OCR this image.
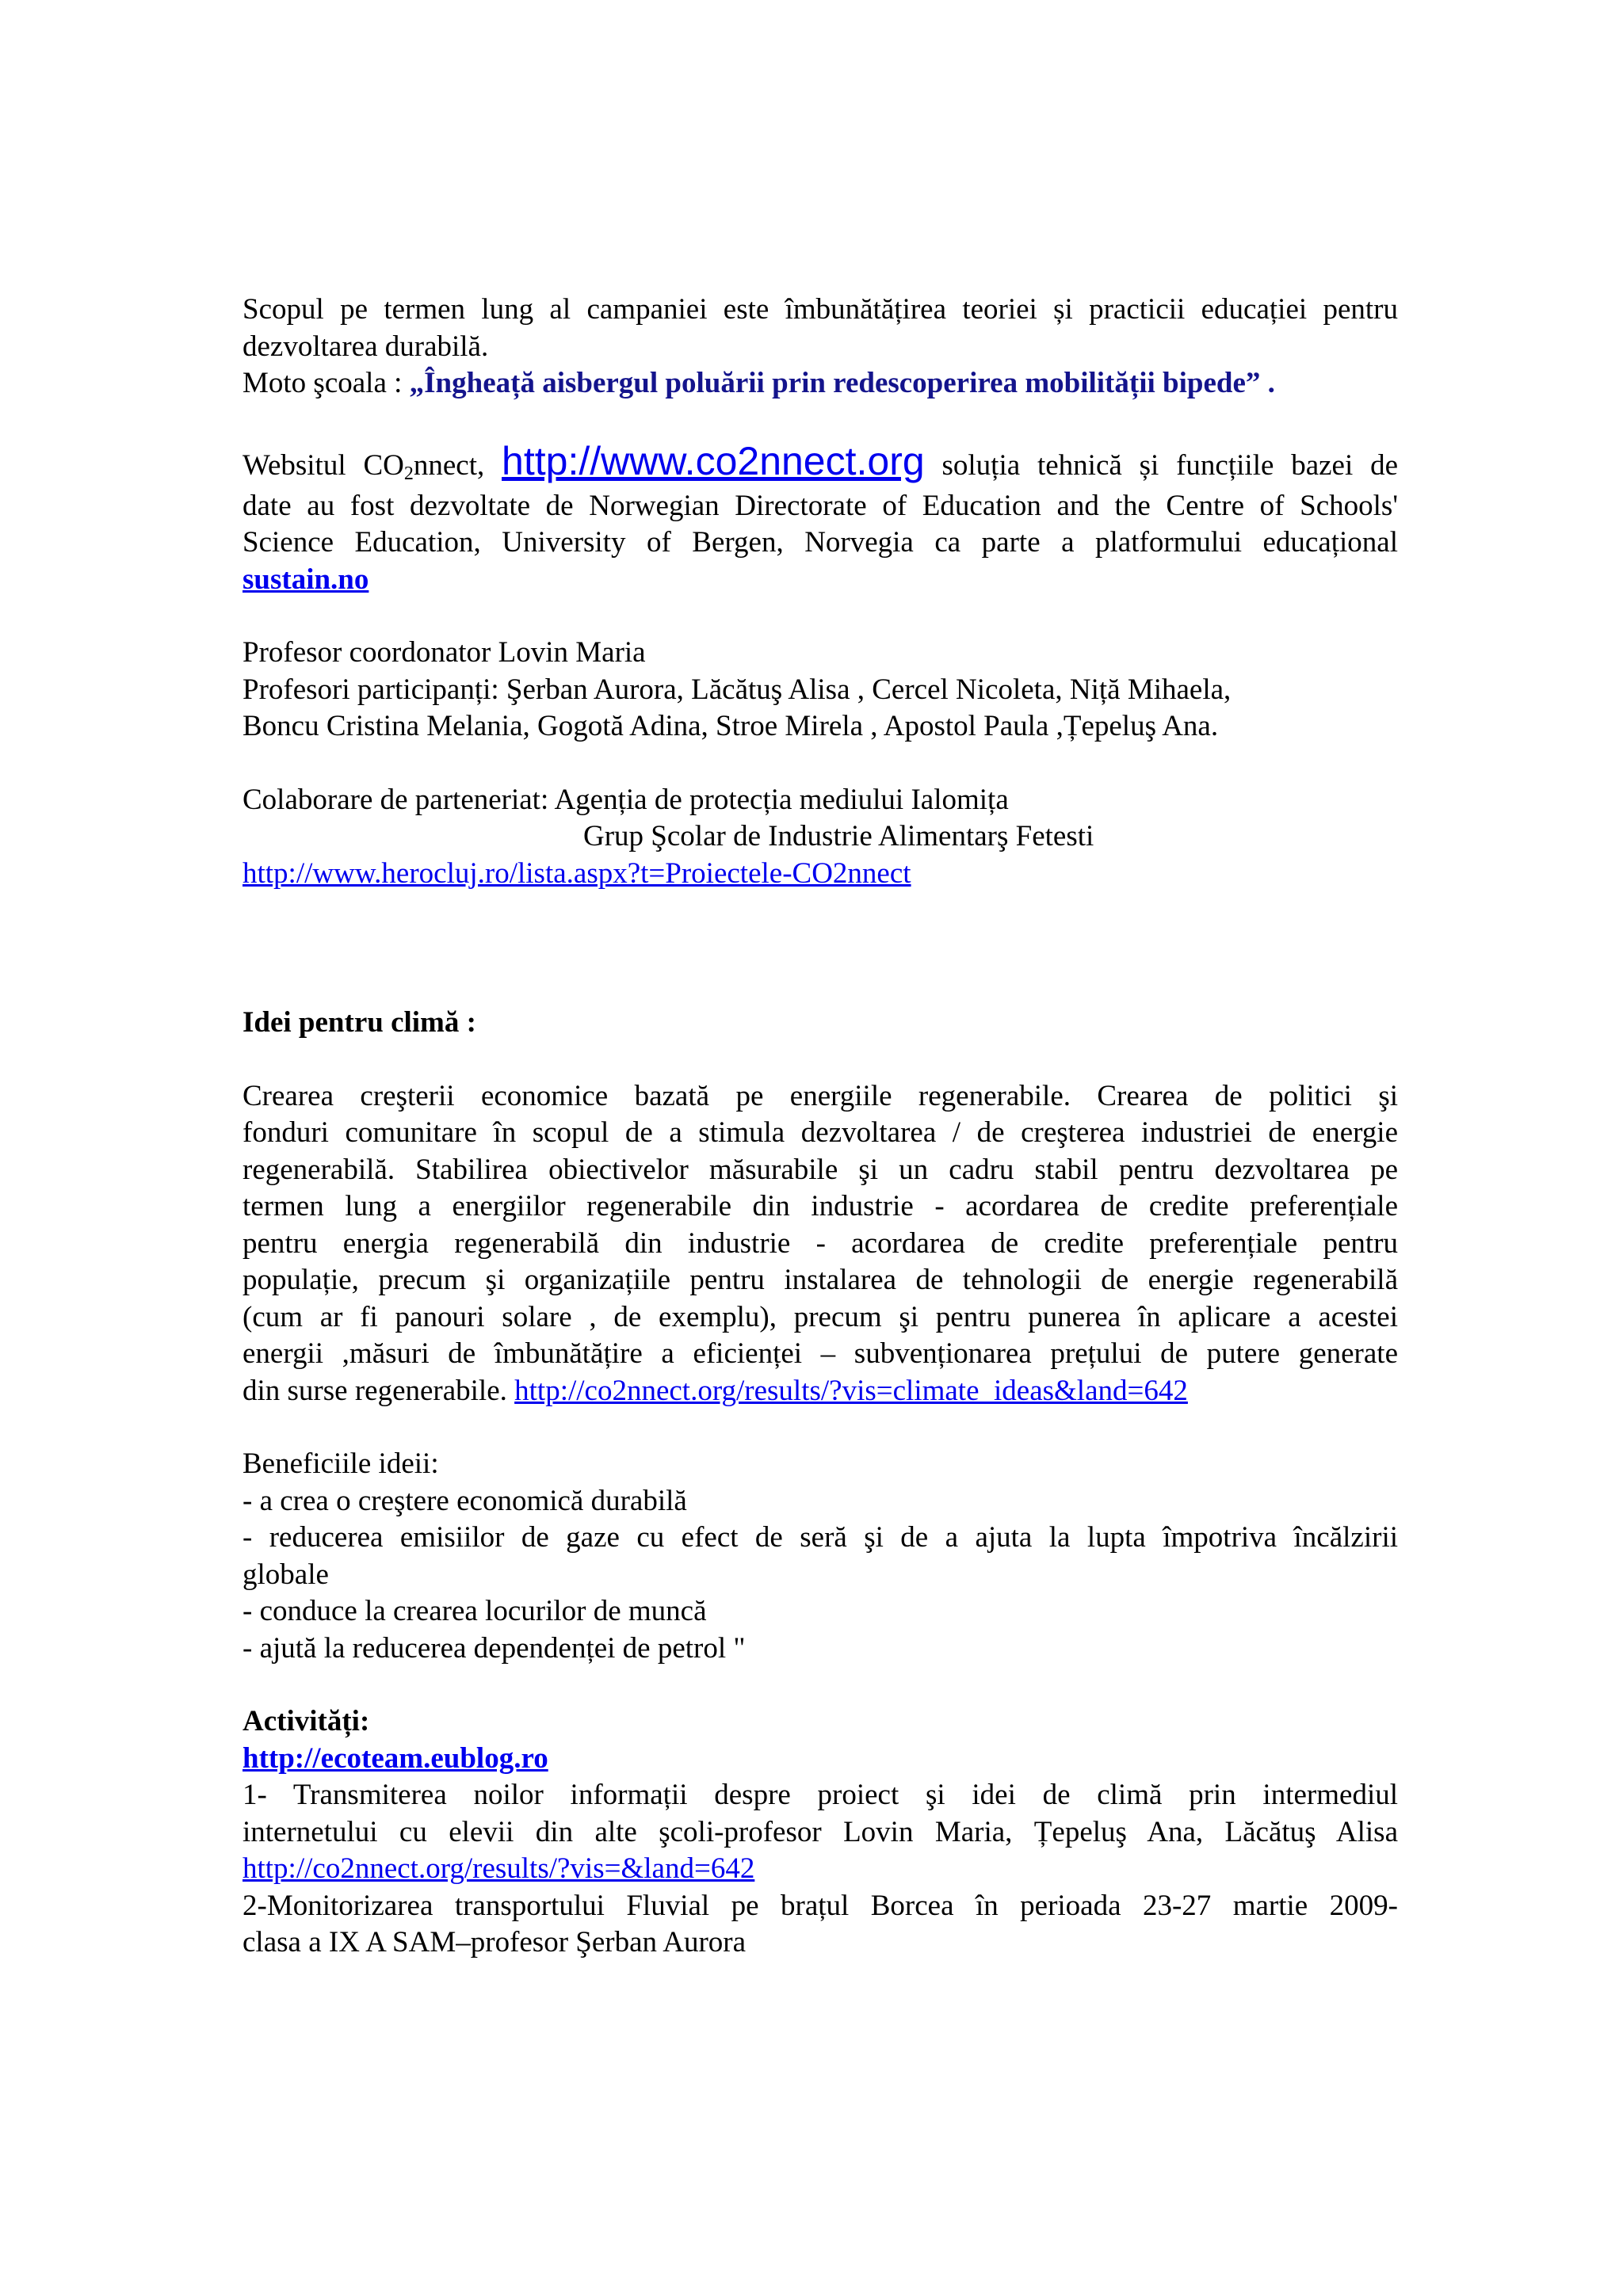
Scopul pe termen lung al campaniei este îmbunătățirea teoriei și practicii educației pentru

dezvoltarea durabilă.

Moto şcoala : „Îngheață aisbergul poluării prin redescoperirea mobilității bipede” .

Websitul $CO_2nnect$, http://www.co2nnect.org soluția tehnică și funcțiile bazei de

date au fost dezvoltate de Norwegian Directorate of Education and the Centre of Schools'

Science Education, University of Bergen, Norvegia ca parte a platformului educațional

sustain.no

Profesor coordonator Lovin Maria

Profesori participanți: Şerban Aurora, Lăcătuş Alisa , Cercel Nicoleta, Niță Mihaela,

Boncu Cristina Melania, Gogotă Adina, Stroe Mirela , Apostol Paula ,Țepeluş Ana.

Colaborare de parteneriat: Agenția de protecția mediului Ialomița

Grup Şcolar de Industrie Alimentarş Fetesti

http://www.herocluj.ro/lista.aspx?t=Proiectele-CO2nnect

Idei pentru climă :

Crearea creşterii economice bazată pe energiile regenerabile. Crearea de politici şi

fonduri comunitare în scopul de a stimula dezvoltarea / de creşterea industriei de energie

regenerabilă. Stabilirea obiectivelor măsurabile şi un cadru stabil pentru dezvoltarea pe

termen lung a energiilor regenerabile din industrie - acordarea de credite preferențiale

pentru energia regenerabilă din industrie - acordarea de credite preferențiale pentru

populație, precum şi organizațiile pentru instalarea de tehnologii de energie regenerabilă

(cum ar fi panouri solare , de exemplu), precum şi pentru punerea în aplicare a acestei

energii ,măsuri de îmbunătățire a eficienței – subvenționarea prețului de putere generate

din surse regenerabile. http://co2nnect.org/results/?vis=climate_ideas&land=642

Beneficiile ideii:

- a crea o creştere economică durabilă

- reducerea emisiilor de gaze cu efect de seră şi de a ajuta la lupta împotriva încălzirii

globale

- conduce la crearea locurilor de muncă

- ajută la reducerea dependenței de petrol "

Activități:

http://ecoteam.eublog.ro

1- Transmiterea noilor informații despre proiect şi idei de climă prin intermediul

internetului cu elevii din alte şcoli-profesor Lovin Maria, Țepeluş Ana, Lăcătuş Alisa

http://co2nnect.org/results/?vis=&land=642

2-Monitorizarea transportului Fluvial pe brațul Borcea în perioada 23-27 martie 2009-

clasa a IX A SAM–profesor Şerban Aurora
